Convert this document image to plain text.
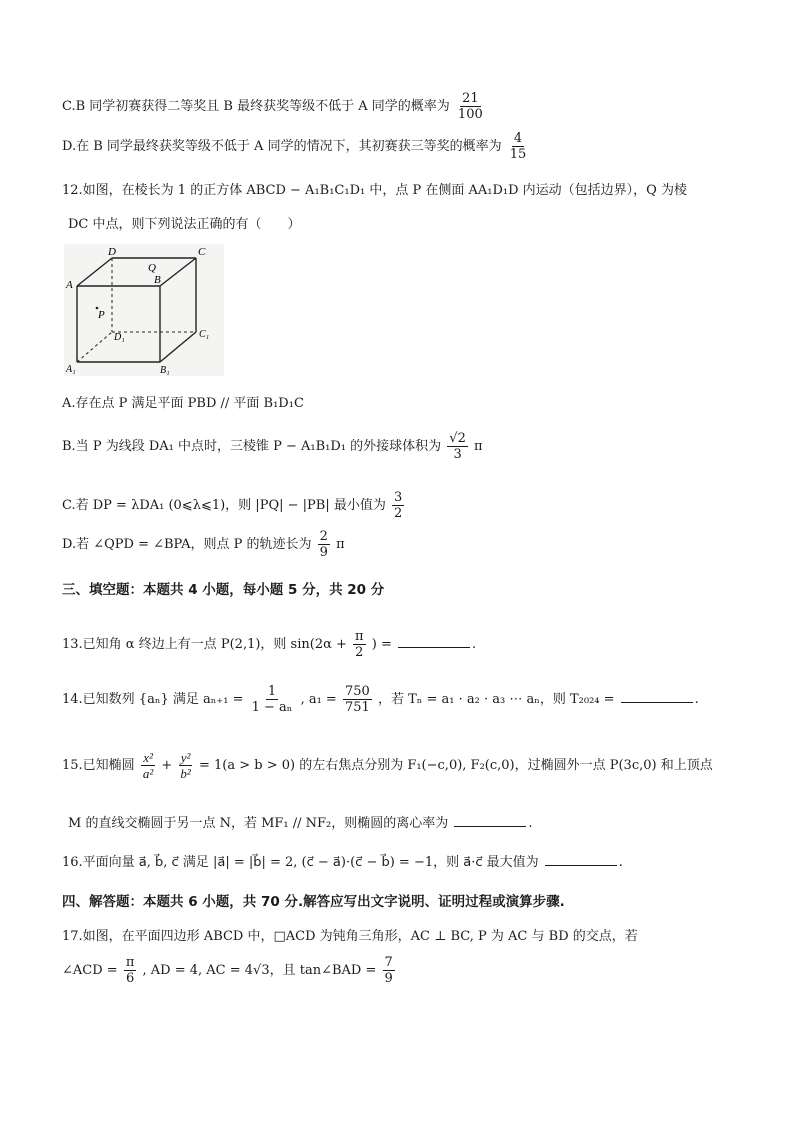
C.B 同学初赛获得二等奖且 B 最终获奖等级不低于 A 同学的概率为 $\frac{21}{100}$
D.在 B 同学最终获奖等级不低于 A 同学的情况下，其初赛获三等奖的概率为 $\frac{4}{15}$
12.如图，在棱长为 1 的正方体 ABCD − A₁B₁C₁D₁ 中，点 P 在侧面 AA₁D₁D 内运动（包括边界），Q 为棱
DC 中点，则下列说法正确的有（　　）
D
Q
C
A	B
P
D₁	C₁
A₁	B₁
A.存在点 P 满足平面 PBD // 平面 B₁D₁C
B.当 P 为线段 DA₁ 中点时，三棱锥 P − A₁B₁D₁ 的外接球体积为 $\frac{√2}{3}$ π
C.若 DP = λDA₁ (0⩽λ⩽1)，则 |PQ| − |PB| 最小值为 $\frac{3}{2}$
D.若 ∠QPD = ∠BPA，则点 P 的轨迹长为 $\frac{2}{9}$ π
三、填空题：本题共 4 小题，每小题 5 分，共 20 分
13.已知角 α 终边上有一点 P(2,1)，则 $\sin(2\alpha + \frac{\pi}{2}$ ) =	.
14.已知数列 {aₙ} 满足 $a_{n+1} = \frac{1}{\text{1 − aₙ}}$ , $a_1 = \frac{750}{751}$ ，若 Tₙ = a₁ · a₂ · a₃ ⋯ aₙ，则 T₂₀₂₄ =	.
15.已知椭圆 $\frac{\text{x²}}{\text{a²}} + \frac{\text{y²}}{\text{b²}} = 1(a > b > 0)$ 的左右焦点分别为 F₁(−c,0), F₂(c,0)，过椭圆外一点 P(3c,0) 和上顶点
M 的直线交椭圆于另一点 N，若 MF₁ // NF₂，则椭圆的离心率为	.
16.平面向量 a⃗, b⃗, c⃗ 满足 |a⃗| = |b⃗| = 2, (c⃗ − a⃗)·(c⃗ − b⃗) = −1，则 a⃗·c⃗ 最大值为	.
四、解答题：本题共 6 小题，共 70 分.解答应写出文字说明、证明过程或演算步骤.
17.如图，在平面四边形 ABCD 中，□ACD 为钝角三角形，AC ⊥ BC, P 为 AC 与 BD 的交点，若
∠ACD = $\frac{\pi}{6}$ , AD = 4, AC = 4√3，且 tan∠BAD = $\frac{7}{9}$
